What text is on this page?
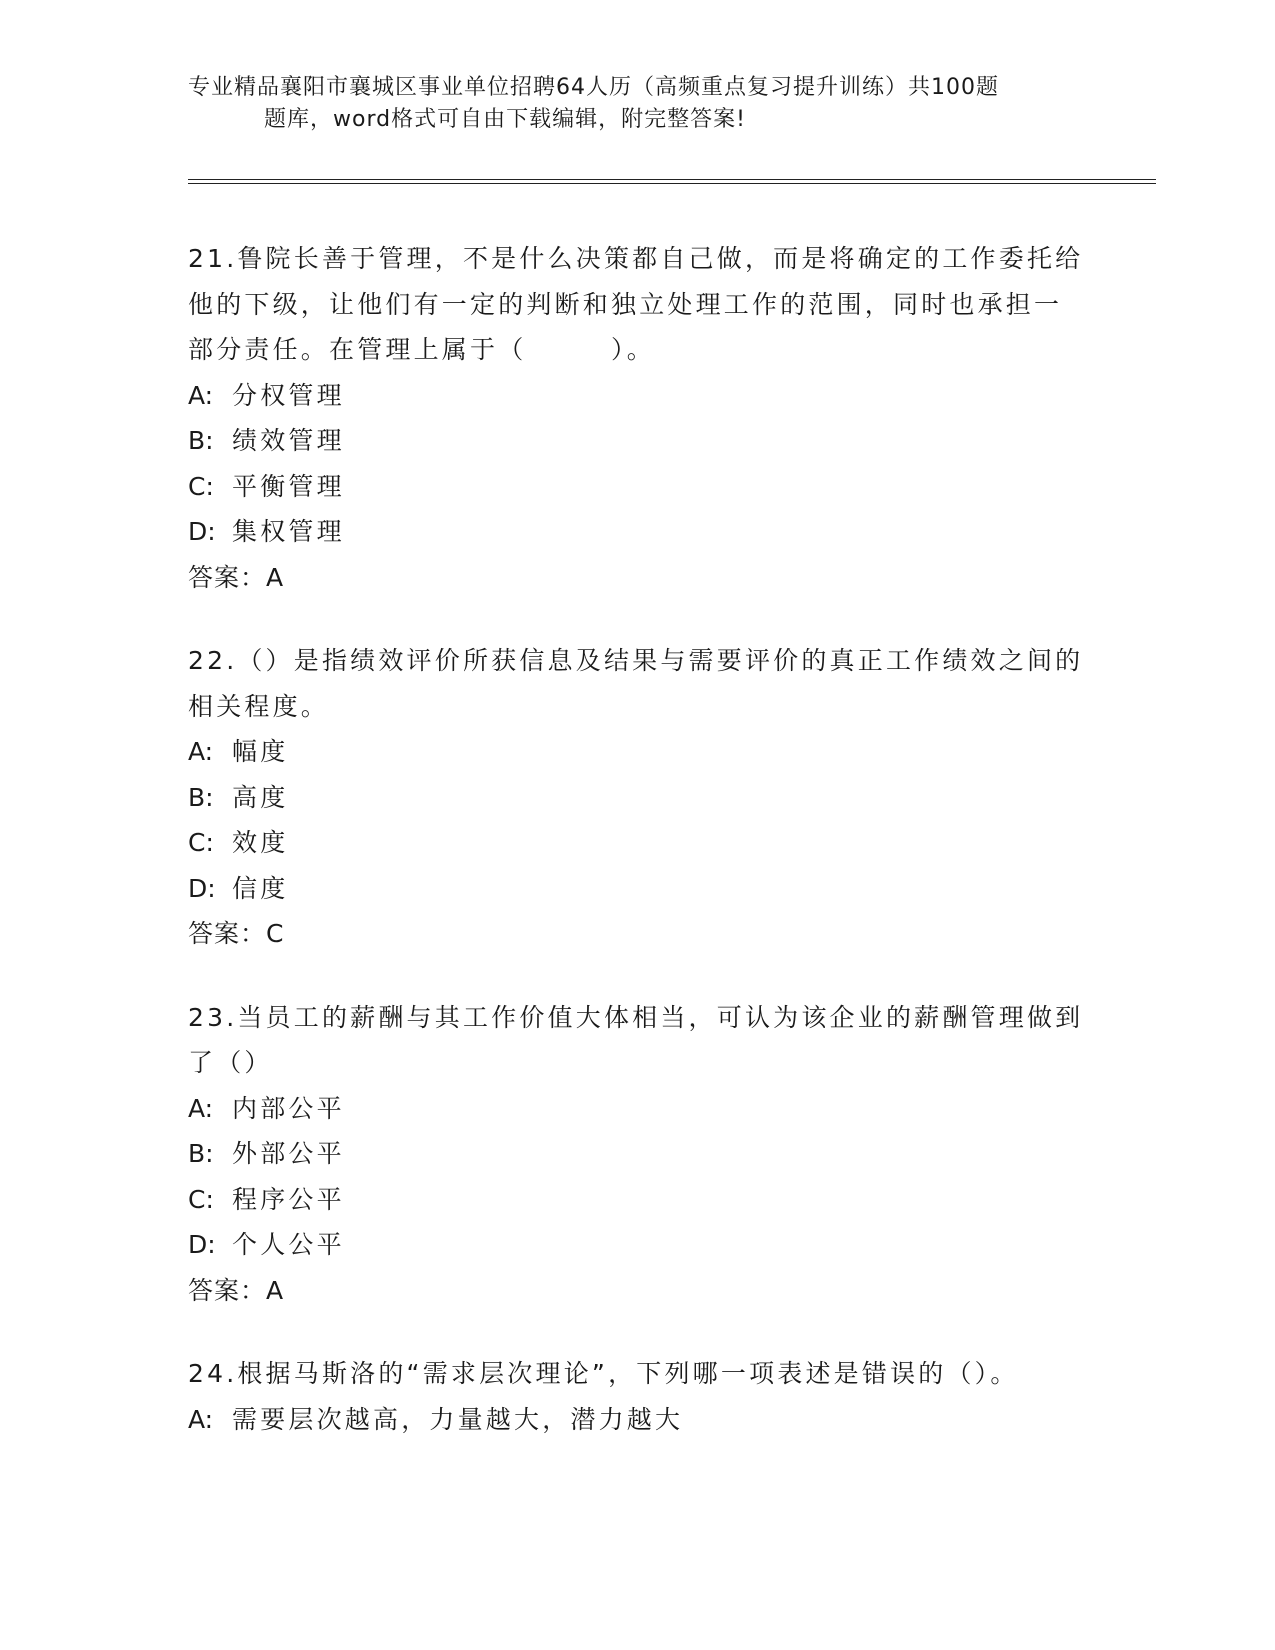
专业精品襄阳市襄城区事业单位招聘64人历（高频重点复习提升训练）共100题
题库，word格式可自由下载编辑，附完整答案!
21.鲁院长善于管理，不是什么决策都自己做，而是将确定的工作委托给他的下级，让他们有一定的判断和独立处理工作的范围，同时也承担一部分责任。在管理上属于（　　　）。
A: 分权管理
B: 绩效管理
C: 平衡管理
D: 集权管理
答案：A
22.（）是指绩效评价所获信息及结果与需要评价的真正工作绩效之间的相关程度。
A: 幅度
B: 高度
C: 效度
D: 信度
答案：C
23.当员工的薪酬与其工作价值大体相当，可认为该企业的薪酬管理做到了（）
A: 内部公平
B: 外部公平
C: 程序公平
D: 个人公平
答案：A
24.根据马斯洛的“需求层次理论”，下列哪一项表述是错误的（）。
A: 需要层次越高，力量越大，潜力越大
